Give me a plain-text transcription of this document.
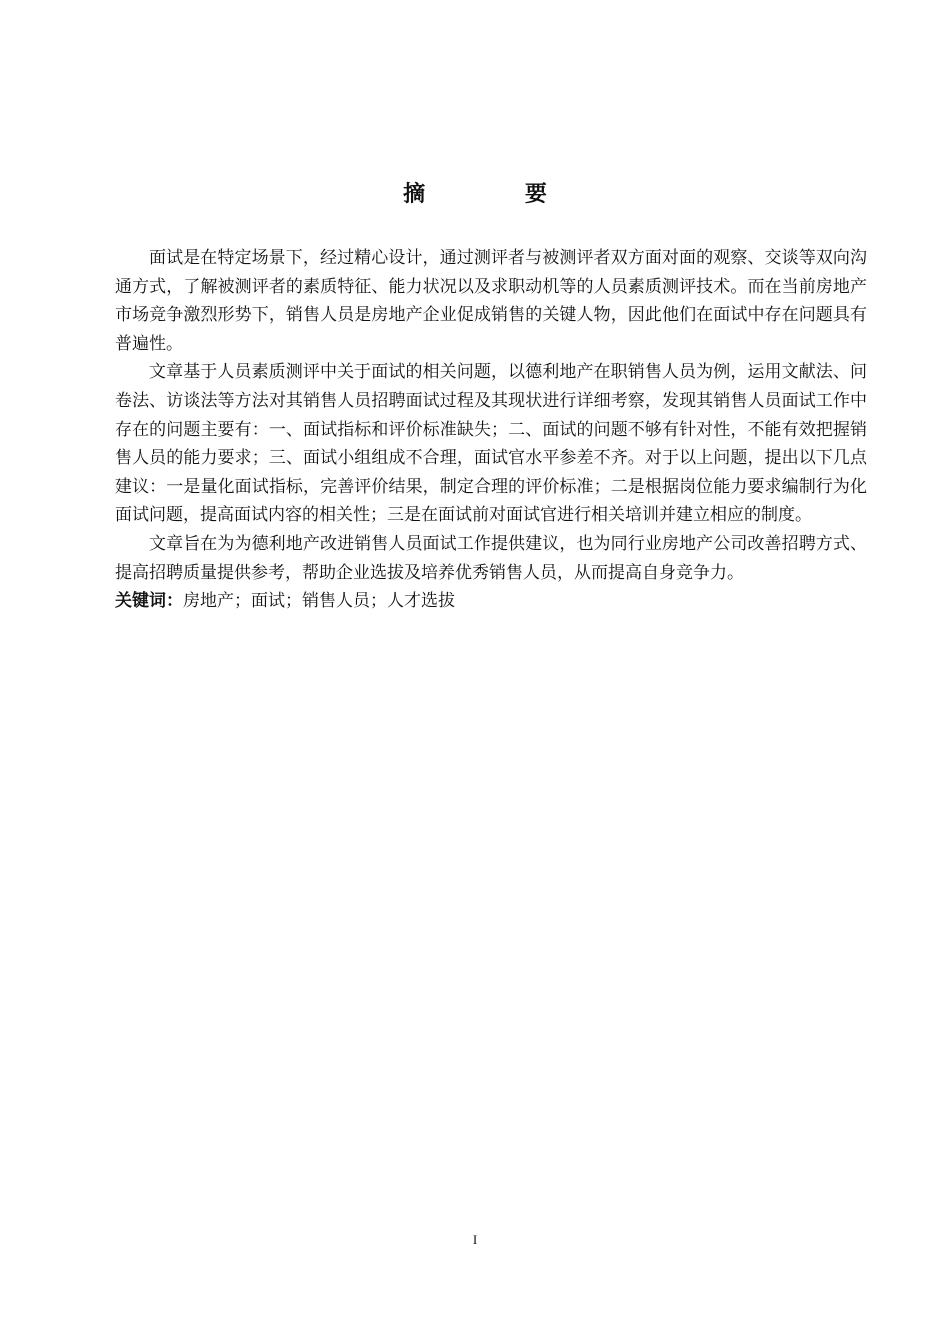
摘 要

面试是在特定场景下，经过精心设计，通过测评者与被测评者双方面对面的观察、交谈等双向沟通方式，了解被测评者的素质特征、能力状况以及求职动机等的人员素质测评技术。而在当前房地产市场竞争激烈形势下，销售人员是房地产企业促成销售的关键人物，因此他们在面试中存在问题具有普遍性。

文章基于人员素质测评中关于面试的相关问题，以德利地产在职销售人员为例，运用文献法、问卷法、访谈法等方法对其销售人员招聘面试过程及其现状进行详细考察，发现其销售人员面试工作中存在的问题主要有：一、面试指标和评价标准缺失；二、面试的问题不够有针对性，不能有效把握销售人员的能力要求；三、面试小组组成不合理，面试官水平参差不齐。对于以上问题，提出以下几点建议：一是量化面试指标，完善评价结果，制定合理的评价标准；二是根据岗位能力要求编制行为化面试问题，提高面试内容的相关性；三是在面试前对面试官进行相关培训并建立相应的制度。

文章旨在为为德利地产改进销售人员面试工作提供建议，也为同行业房地产公司改善招聘方式、提高招聘质量提供参考，帮助企业选拔及培养优秀销售人员，从而提高自身竞争力。

关键词：房地产；面试；销售人员；人才选拔

I
